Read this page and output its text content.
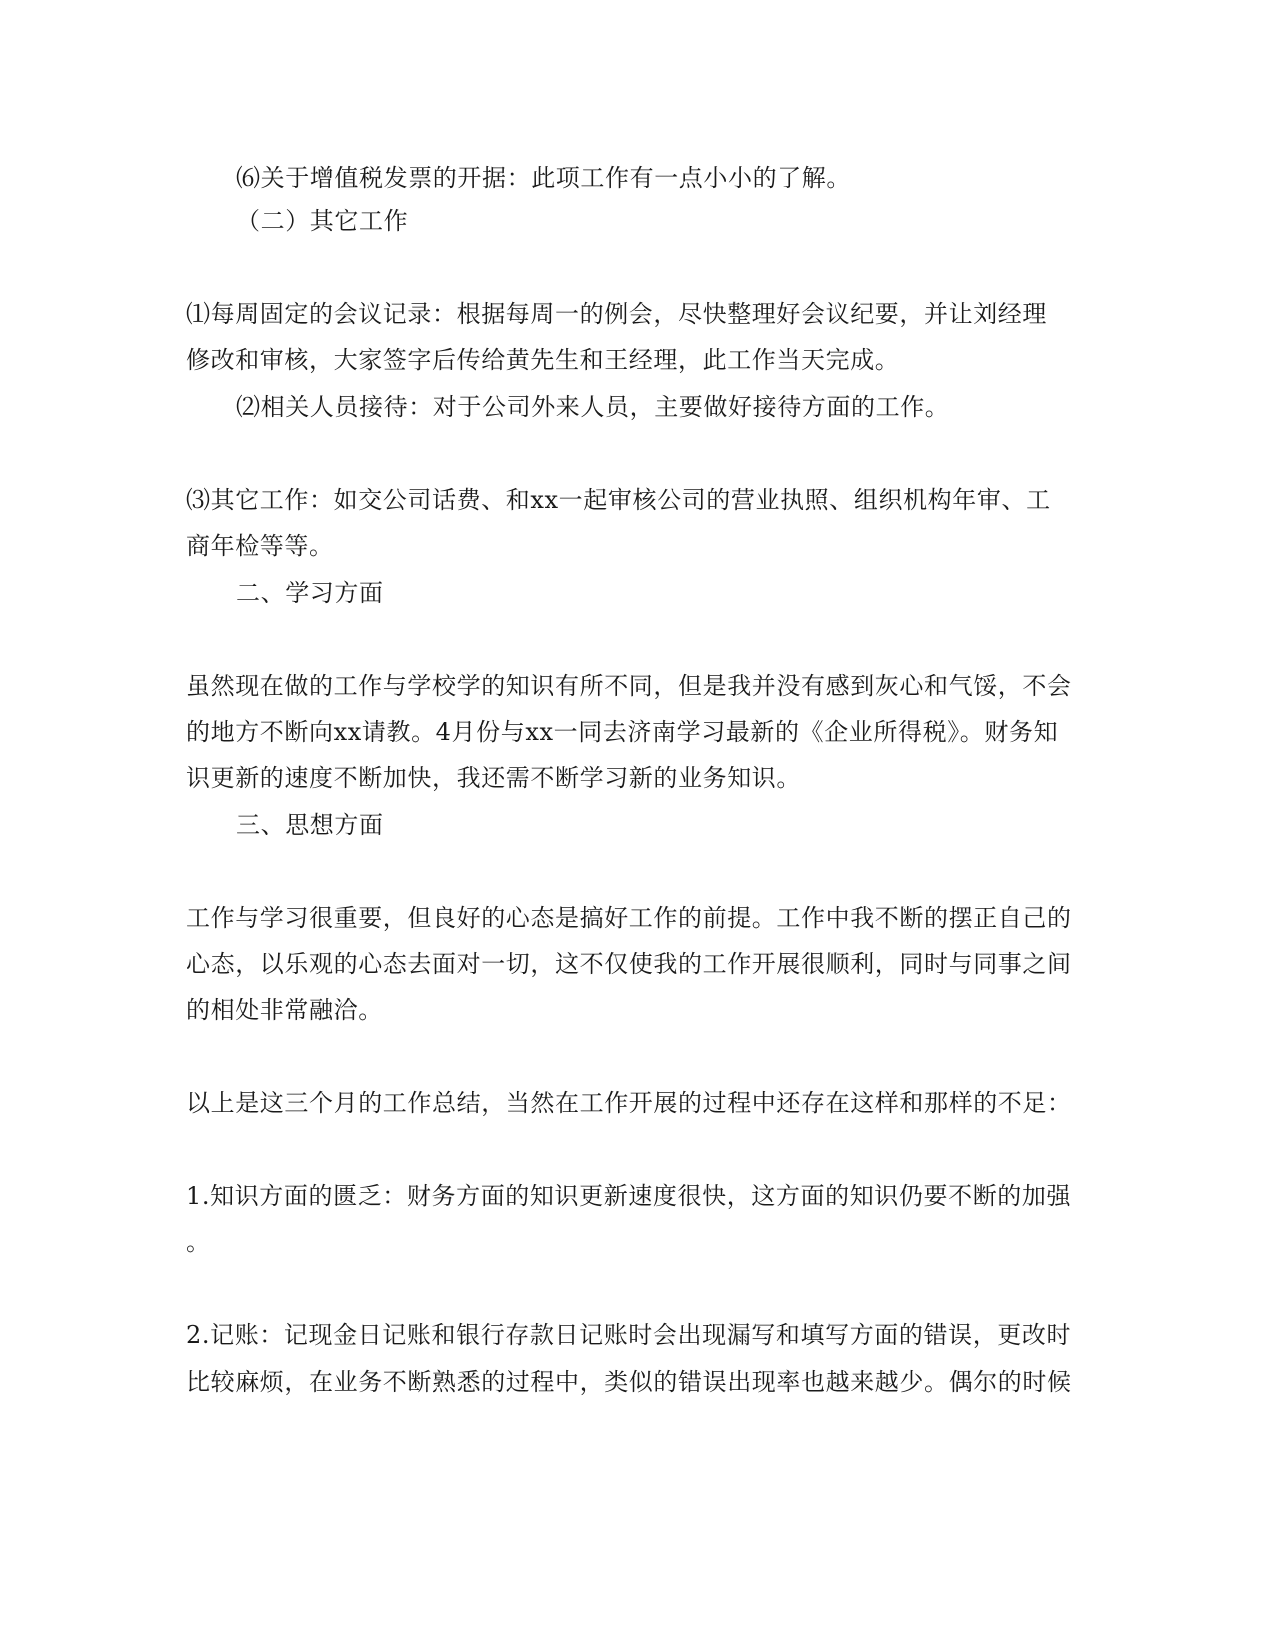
⑹关于增值税发票的开据：此项工作有一点小小的了解。
（二）其它工作
⑴每周固定的会议记录：根据每周一的例会，尽快整理好会议纪要，并让刘经理
修改和审核，大家签字后传给黄先生和王经理，此工作当天完成。
⑵相关人员接待：对于公司外来人员，主要做好接待方面的工作。
⑶其它工作：如交公司话费、和xx一起审核公司的营业执照、组织机构年审、工
商年检等等。
二、学习方面
虽然现在做的工作与学校学的知识有所不同，但是我并没有感到灰心和气馁，不会
的地方不断向xx请教。4月份与xx一同去济南学习最新的《企业所得税》。财务知
识更新的速度不断加快，我还需不断学习新的业务知识。
三、思想方面
工作与学习很重要，但良好的心态是搞好工作的前提。工作中我不断的摆正自己的
心态，以乐观的心态去面对一切，这不仅使我的工作开展很顺利，同时与同事之间
的相处非常融洽。
以上是这三个月的工作总结，当然在工作开展的过程中还存在这样和那样的不足：
1.知识方面的匮乏：财务方面的知识更新速度很快，这方面的知识仍要不断的加强
。
2.记账：记现金日记账和银行存款日记账时会出现漏写和填写方面的错误，更改时
比较麻烦，在业务不断熟悉的过程中，类似的错误出现率也越来越少。偶尔的时候
